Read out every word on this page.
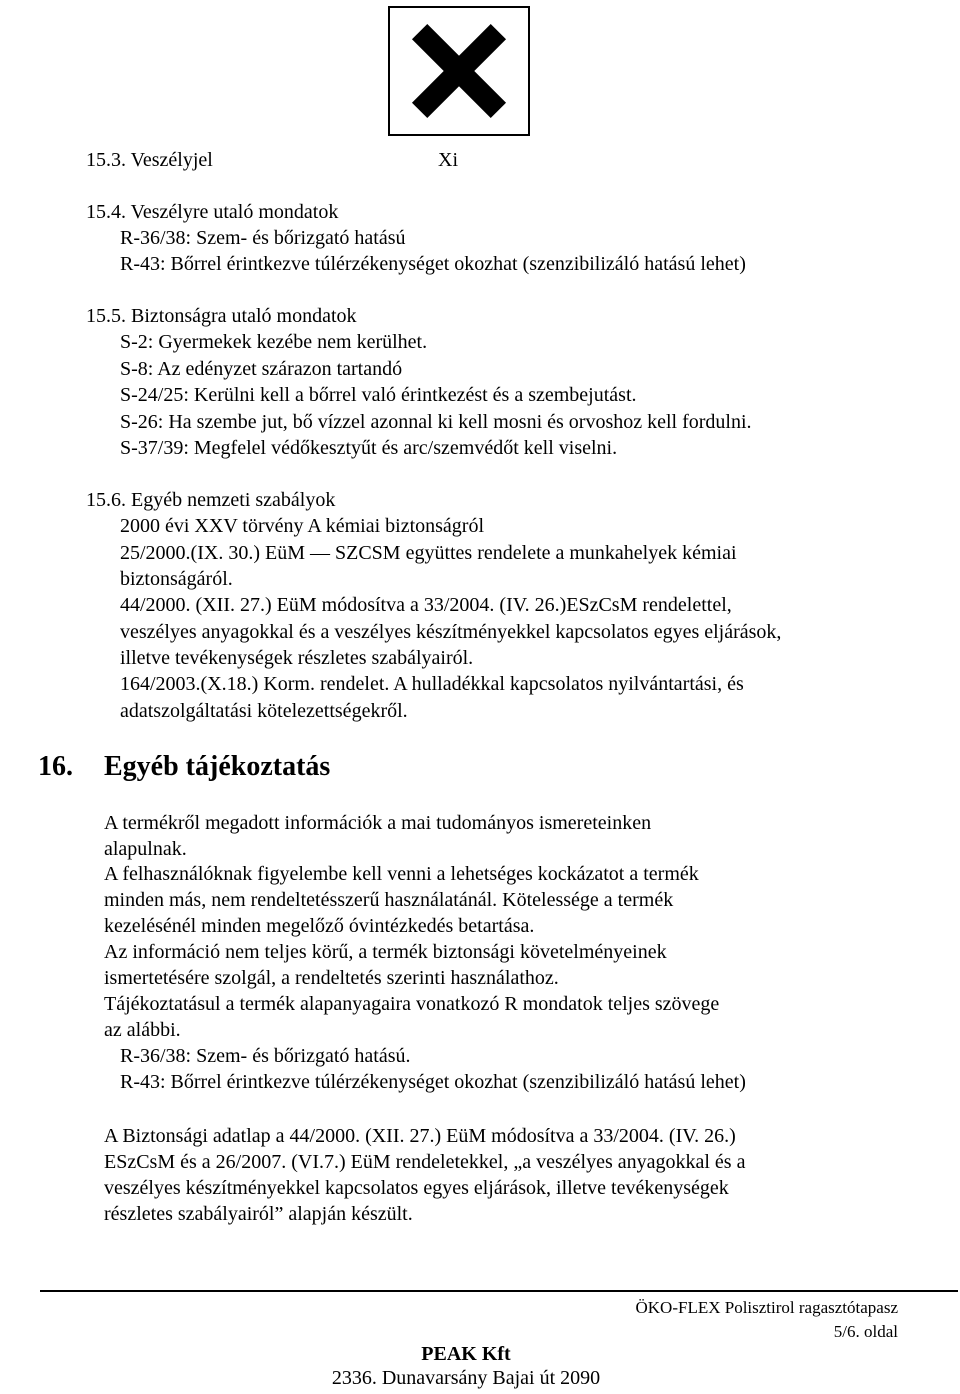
15.3. Veszélyjel	Xi
15.4. Veszélyre utaló mondatok
R-36/38: Szem- és bőrizgató hatású
R-43: Bőrrel érintkezve túlérzékenységet okozhat (szenzibilizáló hatású lehet)
15.5. Biztonságra utaló mondatok
S-2: Gyermekek kezébe nem kerülhet.
S-8: Az edényzet szárazon tartandó
S-24/25: Kerülni kell a bőrrel való érintkezést és a szembejutást.
S-26: Ha szembe jut, bő vízzel azonnal ki kell mosni és orvoshoz kell fordulni.
S-37/39: Megfelel védőkesztyűt és arc/szemvédőt kell viselni.
15.6. Egyéb nemzeti szabályok
2000 évi XXV törvény A kémiai biztonságról
25/2000.(IX. 30.) EüM — SZCSM együttes rendelete a munkahelyek kémiai
biztonságáról.
44/2000. (XII. 27.) EüM módosítva a 33/2004. (IV. 26.)ESzCsM rendelettel,
veszélyes anyagokkal és a veszélyes készítményekkel kapcsolatos egyes eljárások,
illetve tevékenységek részletes szabályairól.
164/2003.(X.18.) Korm. rendelet. A hulladékkal kapcsolatos nyilvántartási, és
adatszolgáltatási kötelezettségekről.
16. Egyéb tájékoztatás
A termékről megadott információk a mai tudományos ismereteinken
alapulnak.
A felhasználóknak figyelembe kell venni a lehetséges kockázatot a termék
minden más, nem rendeltetésszerű használatánál. Kötelessége a termék
kezelésénél minden megelőző óvintézkedés betartása.
Az információ nem teljes körű, a termék biztonsági követelményeinek
ismertetésére szolgál, a rendeltetés szerinti használathoz.
Tájékoztatásul a termék alapanyagaira vonatkozó R mondatok teljes szövege
az alábbi.
R-36/38: Szem- és bőrizgató hatású.
R-43: Bőrrel érintkezve túlérzékenységet okozhat (szenzibilizáló hatású lehet)
A Biztonsági adatlap a 44/2000. (XII. 27.) EüM módosítva a 33/2004. (IV. 26.)
ESzCsM és a 26/2007. (VI.7.) EüM rendeletekkel, „a veszélyes anyagokkal és a
veszélyes készítményekkel kapcsolatos egyes eljárások, illetve tevékenységek
részletes szabályairól” alapján készült.
ÖKO-FLEX Polisztirol ragasztótapasz
5/6. oldal
PEAK Kft
2336. Dunavarsány Bajai út 2090
